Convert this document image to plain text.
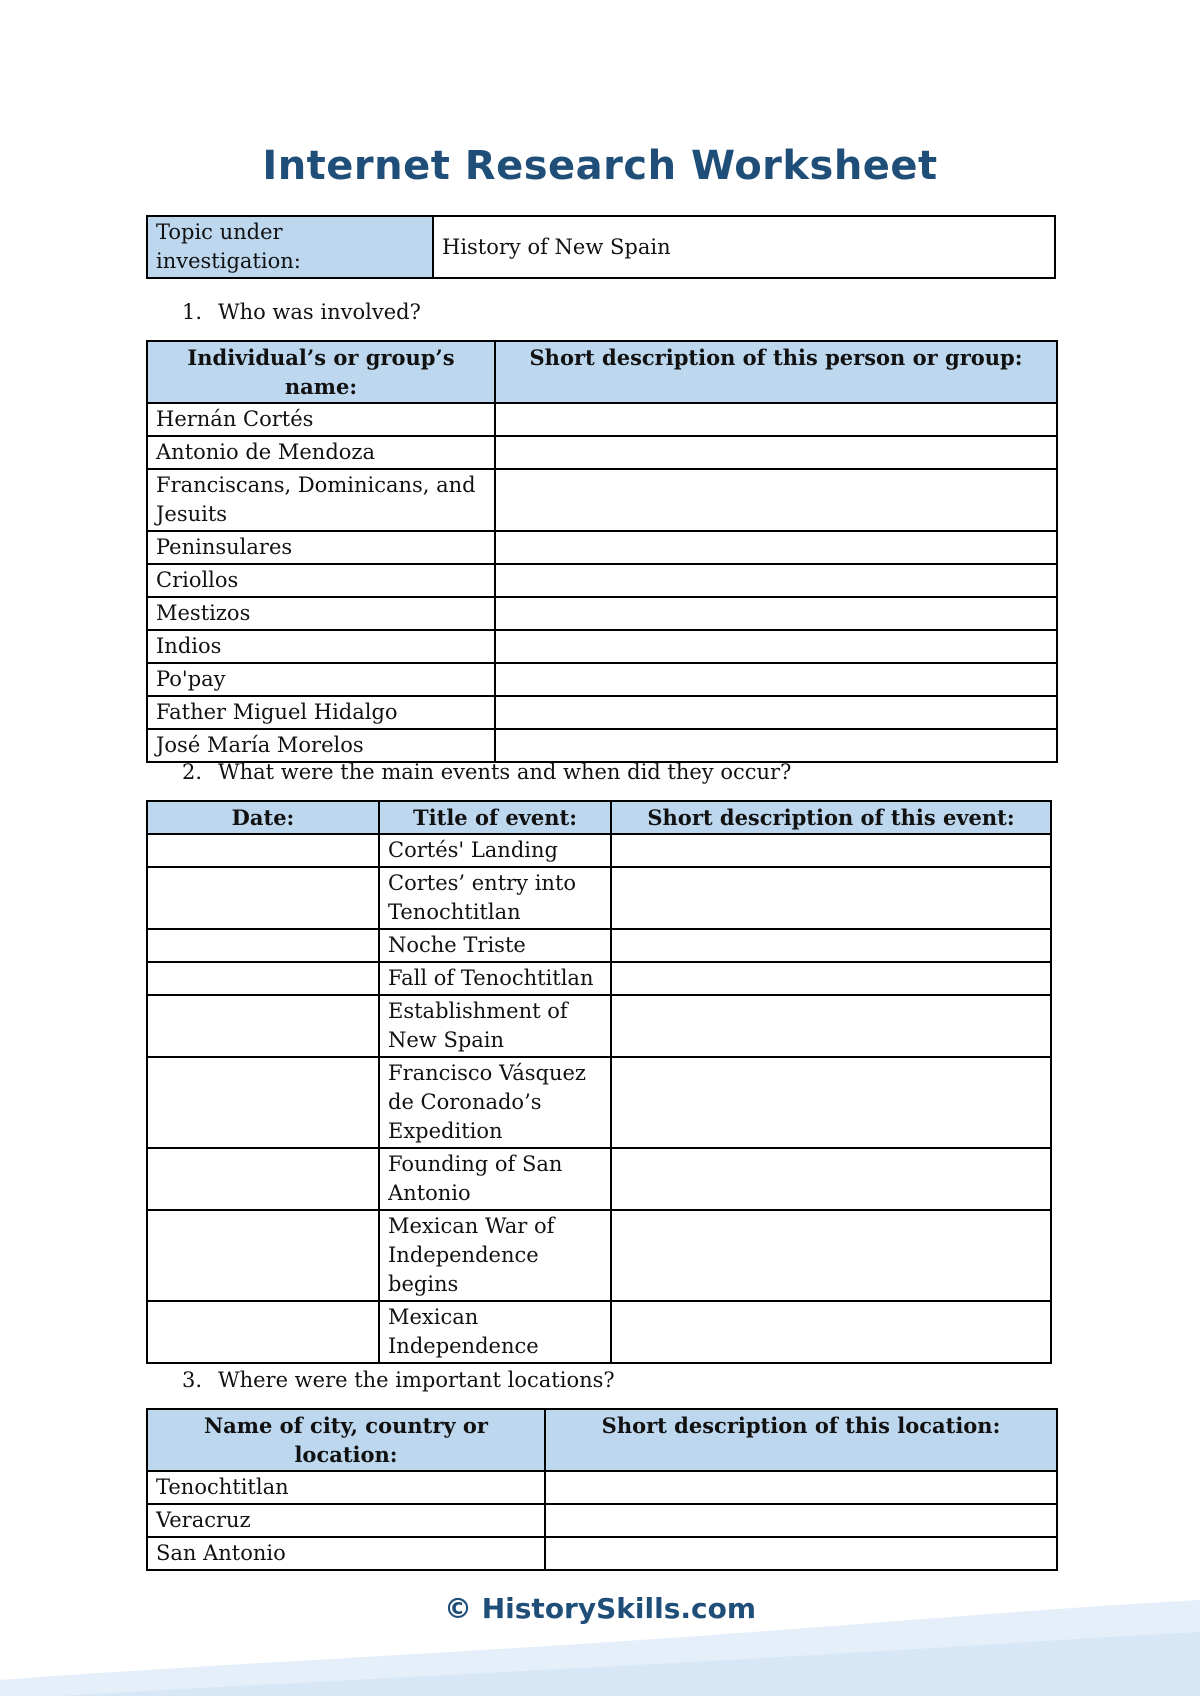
Internet Research Worksheet
Topic under investigation:	History of New Spain

1. Who was involved?

Individual’s or group’s name:	Short description of this person or group:
Hernán Cortés	
Antonio de Mendoza	
Franciscans, Dominicans, and Jesuits	
Peninsulares	
Criollos	
Mestizos	
Indios	
Po'pay	
Father Miguel Hidalgo	
José María Morelos	

2. What were the main events and when did they occur?

Date:	Title of event:	Short description of this event:
	Cortés' Landing	
	Cortes’ entry into Tenochtitlan	
	Noche Triste	
	Fall of Tenochtitlan	
	Establishment of New Spain	
	Francisco Vásquez de Coronado’s Expedition	
	Founding of San Antonio	
	Mexican War of Independence begins	
	Mexican Independence	

3. Where were the important locations?

Name of city, country or location:	Short description of this location:
Tenochtitlan	
Veracruz	
San Antonio	

© HistorySkills.com
